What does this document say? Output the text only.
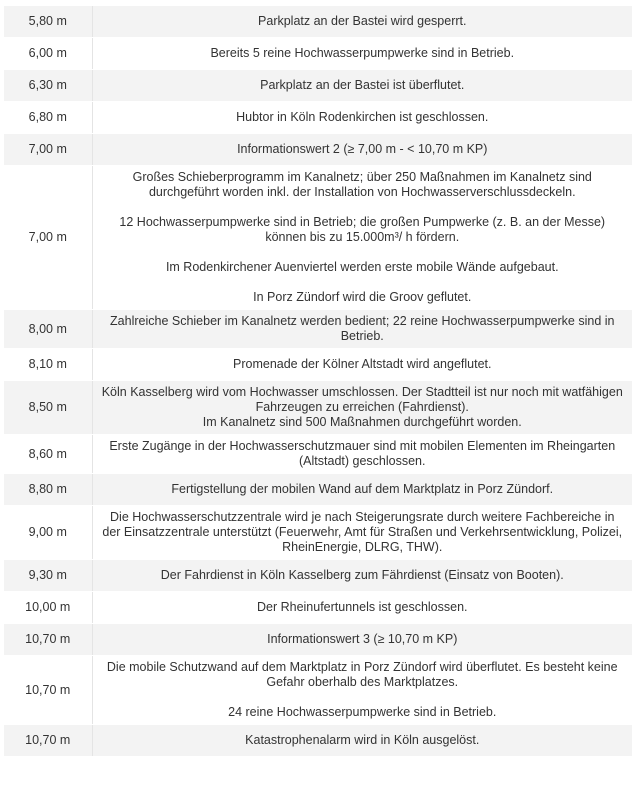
5,80 m	Parkplatz an der Bastei wird gesperrt.

6,00 m	Bereits 5 reine Hochwasserpumpwerke sind in Betrieb.

6,30 m	Parkplatz an der Bastei ist überflutet.

6,80 m	Hubtor in Köln Rodenkirchen ist geschlossen.

7,00 m	Informationswert 2 (≥ 7,00 m - < 10,70 m KP)

7,00 m	Großes Schieberprogramm im Kanalnetz; über 250 Maßnahmen im Kanalnetz sind durchgeführt worden inkl. der Installation von Hochwasserverschlussdeckeln.
12 Hochwasserpumpwerke sind in Betrieb; die großen Pumpwerke (z. B. an der Messe) können bis zu 15.000m³/ h fördern.
Im Rodenkirchener Auenviertel werden erste mobile Wände aufgebaut.
In Porz Zündorf wird die Groov geflutet.

8,00 m	Zahlreiche Schieber im Kanalnetz werden bedient; 22 reine Hochwasserpumpwerke sind in Betrieb.

8,10 m	Promenade der Kölner Altstadt wird angeflutet.

8,50 m	Köln Kasselberg wird vom Hochwasser umschlossen. Der Stadtteil ist nur noch mit watfähigen Fahrzeugen zu erreichen (Fahrdienst).
Im Kanalnetz sind 500 Maßnahmen durchgeführt worden.

8,60 m	Erste Zugänge in der Hochwasserschutzmauer sind mit mobilen Elementen im Rheingarten (Altstadt) geschlossen.

8,80 m	Fertigstellung der mobilen Wand auf dem Marktplatz in Porz Zündorf.

9,00 m	Die Hochwasserschutzzentrale wird je nach Steigerungsrate durch weitere Fachbereiche in der Einsatzzentrale unterstützt (Feuerwehr, Amt für Straßen und Verkehrsentwicklung, Polizei, RheinEnergie, DLRG, THW).

9,30 m	Der Fahrdienst in Köln Kasselberg zum Fährdienst (Einsatz von Booten).

10,00 m	Der Rheinufertunnels ist geschlossen.

10,70 m	Informationswert 3 (≥ 10,70 m KP)

10,70 m	Die mobile Schutzwand auf dem Marktplatz in Porz Zündorf wird überflutet. Es besteht keine Gefahr oberhalb des Marktplatzes.
24 reine Hochwasserpumpwerke sind in Betrieb.

10,70 m	Katastrophenalarm wird in Köln ausgelöst.
